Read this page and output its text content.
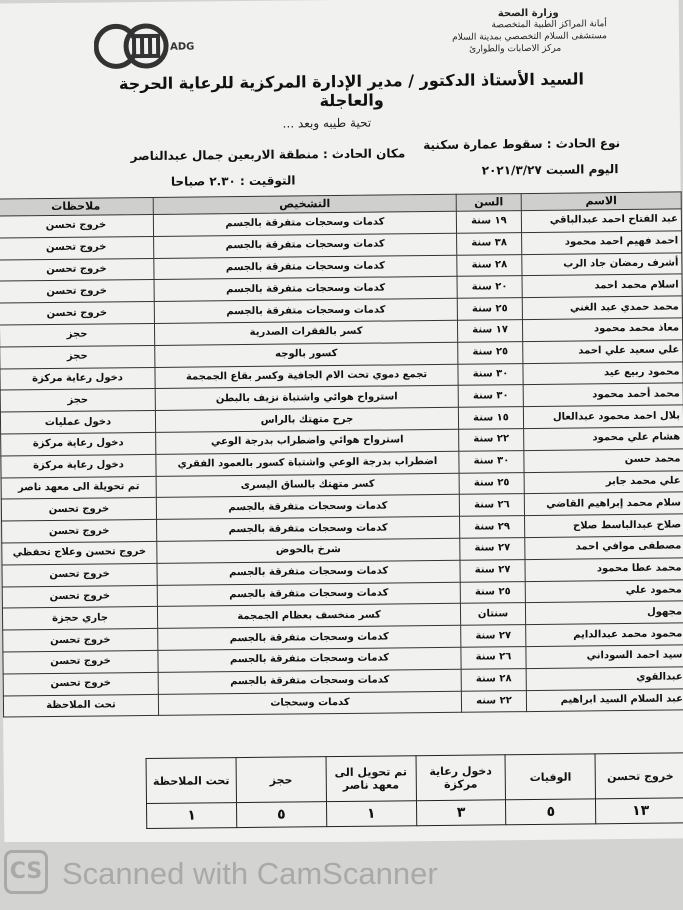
وزارة الصحة
أمانة المراكز الطبية المتخصصة
مستشفى السلام التخصصي بمدينة السلام
مركز الاصابات والطوارئ
ADG
السيد الأستاذ الدكتور / مدير الإدارة المركزية للرعاية الحرجة والعاجلة
تحية طيبه وبعد ...
نوع الحادث : سقوط عمارة سكنية
مكان الحادث : منطقة الاربعين جمال عبدالناصر
اليوم السبت ٢٠٢١/٣/٢٧
التوقيت : ٢.٣٠ صباحا
الاسم	السن	التشخيص	ملاحظات
عبد الفتاح احمد عبدالباقي	١٩ سنة	كدمات وسحجات متفرقة بالجسم	خروج تحسن
احمد فهيم احمد محمود	٣٨ سنة	كدمات وسحجات متفرقة بالجسم	خروج تحسن
أشرف رمضان جاد الرب	٢٨ سنة	كدمات وسحجات متفرقة بالجسم	خروج تحسن
اسلام محمد احمد	٢٠ سنة	كدمات وسحجات متفرقة بالجسم	خروج تحسن
محمد حمدي عبد الغني	٢٥ سنة	كدمات وسحجات متفرقة بالجسم	خروج تحسن
معاذ محمد محمود	١٧ سنة	كسر بالفقرات الصدرية	حجز
علي سعيد علي احمد	٢٥ سنة	كسور بالوجه	حجز
محمود ربيع عيد	٣٠ سنة	تجمع دموي تحت الام الجافية وكسر بقاع الجمجمة	دخول رعاية مركزة
محمد أحمد محمود	٣٠ سنة	استرواح هوائي واشتباة نزيف بالبطن	حجز
بلال احمد محمود عبدالعال	١٥ سنة	جرح متهتك بالراس	دخول عمليات
هشام علي محمود	٢٢ سنة	استرواح هوائي واضطراب بدرجة الوعي	دخول رعاية مركزة
محمد حسن	٣٠ سنة	اضطراب بدرجة الوعي واشتباة كسور بالعمود الفقري	دخول رعاية مركزة
علي محمد جابر	٢٥ سنة	كسر متهتك بالساق اليسرى	تم تحويلة الى معهد ناصر
سلام محمد إبراهيم القاضي	٢٦ سنة	كدمات وسحجات متفرقة بالجسم	خروج تحسن
صلاح عبدالباسط صلاح	٢٩ سنة	كدمات وسحجات متفرقة بالجسم	خروج تحسن
مصطفى موافي احمد	٢٧ سنة	شرخ بالحوض	خروج تحسن وعلاج تحفظي
محمد عطا محمود	٢٧ سنة	كدمات وسحجات متفرقة بالجسم	خروج تحسن
محمود علي	٢٥ سنة	كدمات وسحجات متفرقة بالجسم	خروج تحسن
مجهول	سنتان	كسر منخسف بعظام الجمجمة	جاري حجزة
محمود محمد عبدالدايم	٢٧ سنة	كدمات وسحجات متفرقة بالجسم	خروج تحسن
سيد احمد السوداني	٢٦ سنة	كدمات وسحجات متفرقة بالجسم	خروج تحسن
عبدالقوي	٢٨ سنة	كدمات وسحجات متفرقة بالجسم	خروج تحسن
عبد السلام السيد ابراهيم	٢٢ سنه	كدمات وسحجات	تحت الملاحظة
خروج تحسن	الوفيات	دخول رعاية مركزة	تم تحويل الى معهد ناصر	حجز	تحت الملاحظة
١٣	٥	٣	١	٥	١
CS Scanned with CamScanner
